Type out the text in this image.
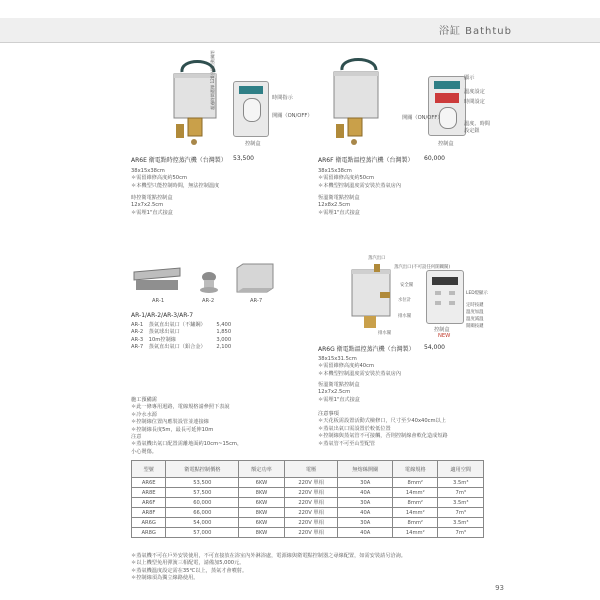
浴缸 Bathtub
時間指示
開關（ON/OFF）
超過時間選擇 120分鐘自動關閉
控制盒
AR6E 衛電點時控蒸汽機（台灣製） 53,500
38x15x38cm
＊需留維修高度約50cm
＊本機型只能控制時間，無法控制溫度
時控衛電點控制盒
12x7x2.5cm
＊需埋1"直式接盒
顯示
溫度設定
時間設定
開關（ON/OFF）
溫度、時間
設定鈕
控制盒
AR6F 衛電點溫控蒸汽機（台灣製） 60,000
38x15x38cm
＊需留維修高度約50cm
＊本機型控制溫度需安裝於蒸氣房內
恆溫衛電點控制盒
12x8x2.5cm
＊需埋1"直式接盒
AR-1	AR-2	AR-7
AR-1/AR-2/AR-3/AR-7
AR-1 蒸氣直出氣口（不鏽鋼） 5,400
AR-2 蒸氣球出氣口	1,850
AR-3 10m控制線	3,000
AR-7 蒸氣直出氣口（鋁合金） 2,100
蒸汽出口
蒸汽出口(不可設任何開關閥)
安全閥
水位計
排水閥
排水閥
LED燈顯示
定時按鍵
溫度加溫
溫度減溫
開關按鍵
控制盒
NEW
AR6G 衛電點溫控蒸汽機（台灣製） 54,000
38x15x31.5cm
＊需留維修高度約40cm
＊本機型控制溫度需安裝於蒸氣房內
恆溫衛電點控制盒
12x7x2.5cm
＊需埋1"直式接盒
施工預備需
＊此一條專用迴路，電線規格請參照下表說
＊冷水水源
＊控制線位置內應裝設管並連接線
＊控制線長度5m，最長可延伸10m
注意
＊蒸氣機出氣口配置需離地面約10cm~15cm，
小心燙傷。
注意事項
＊天花板需設置活動式檢修口，尺寸至少40x40cm以上
＊蒸氣出氣口需設置於較低位置
＊控制線與蒸氣管不可接觸，否則控制線會軟化造成短路
＊蒸氣管不可至山型配管
型號	衛電點控制價格	額定功率	電壓	無熔絲開關	電線規格	適用空間
AR6E	53,500	6KW	220V 單相	30A	8mm²	3.5m³
AR8E	57,500	8KW	220V 單相	40A	14mm²	7m³
AR6F	60,000	6KW	220V 單相	30A	8mm²	3.5m³
AR8F	66,000	8KW	220V 單相	40A	14mm²	7m³
AR6G	54,000	6KW	220V 單相	30A	8mm²	3.5m³
AR8G	57,000	8KW	220V 單相	40A	14mm²	7m³
＊蒸氣機不可在戶外安裝使用，不可直接放在浴室內外淋浴處，電源線與衛電點控制器之尋線配置，如需安裝請另洽詢。
＊以上機型免用彈簧三相配電，請備加5,000元。
＊蒸氣機溫度設定需在35℃以上，蒸氣才會噴射。
＊控制線須為獨立線路使用。
93
